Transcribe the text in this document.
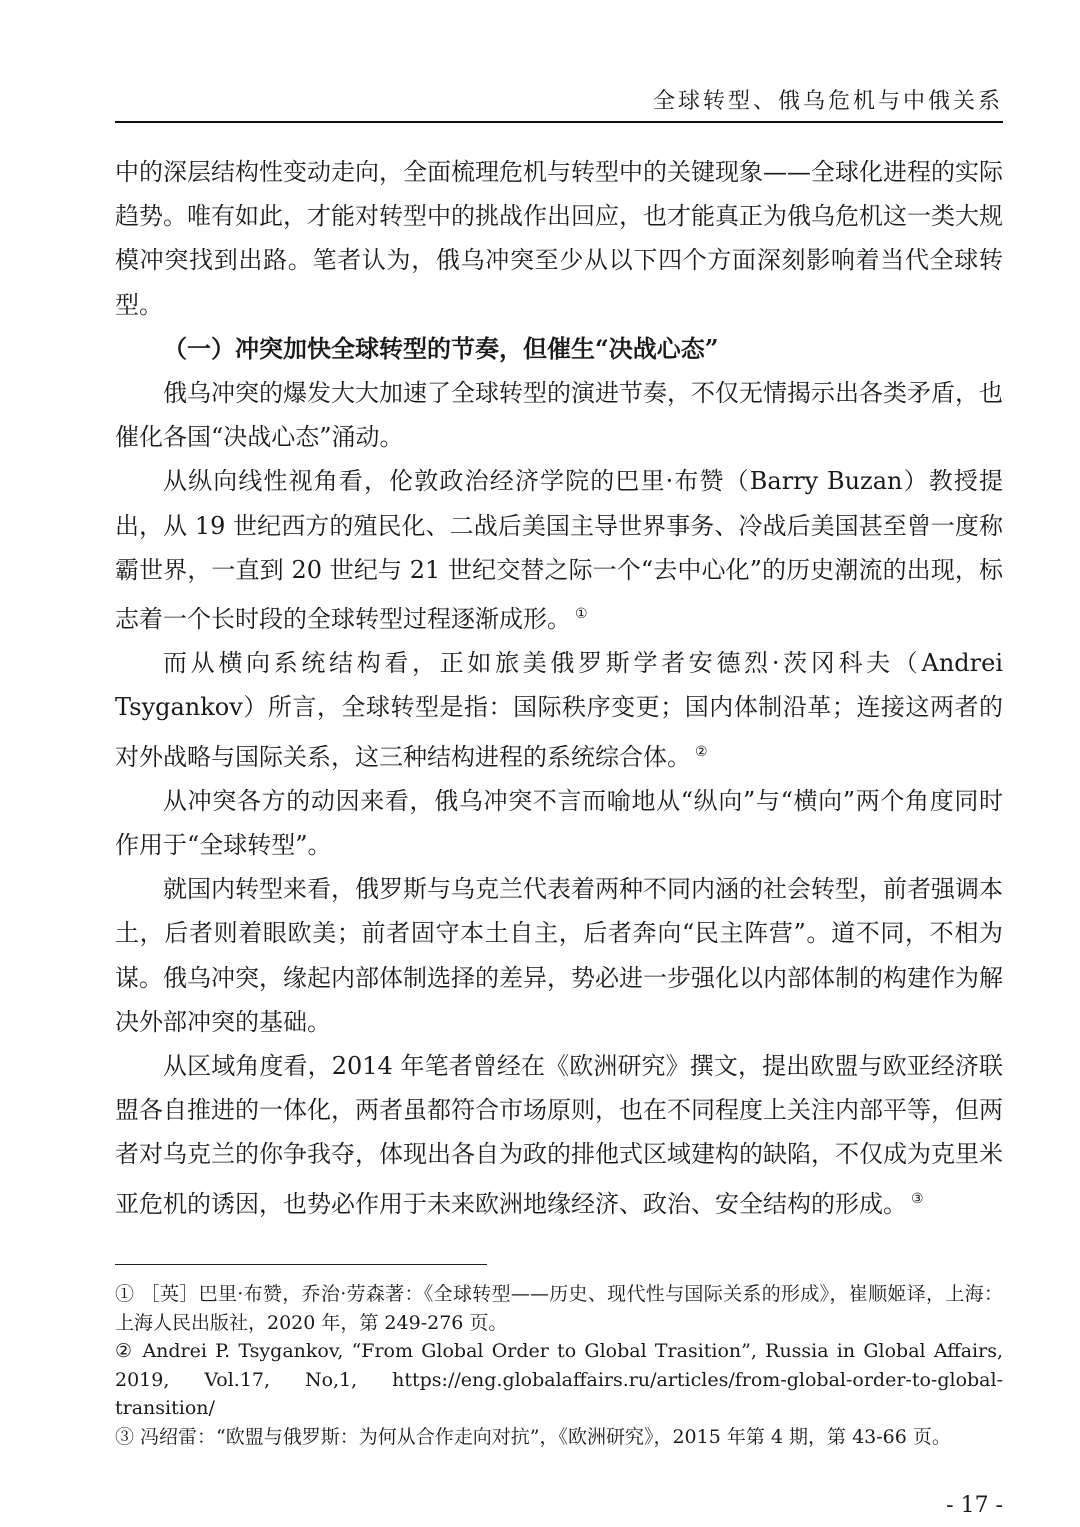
全球转型、俄乌危机与中俄关系

中的深层结构性变动走向，全面梳理危机与转型中的关键现象——全球化进程的实际趋势。唯有如此，才能对转型中的挑战作出回应，也才能真正为俄乌危机这一类大规模冲突找到出路。笔者认为，俄乌冲突至少从以下四个方面深刻影响着当代全球转型。

（一）冲突加快全球转型的节奏，但催生“决战心态”

俄乌冲突的爆发大大加速了全球转型的演进节奏，不仅无情揭示出各类矛盾，也催化各国“决战心态”涌动。

从纵向线性视角看，伦敦政治经济学院的巴里·布赞（Barry Buzan）教授提出，从 19 世纪西方的殖民化、二战后美国主导世界事务、冷战后美国甚至曾一度称霸世界，一直到 20 世纪与 21 世纪交替之际一个“去中心化”的历史潮流的出现，标志着一个长时段的全球转型过程逐渐成形。 ①

而从横向系统结构看，正如旅美俄罗斯学者安德烈·茨冈科夫（Andrei Tsygankov）所言，全球转型是指：国际秩序变更；国内体制沿革；连接这两者的对外战略与国际关系，这三种结构进程的系统综合体。 ②

从冲突各方的动因来看，俄乌冲突不言而喻地从“纵向”与“横向”两个角度同时作用于“全球转型”。

就国内转型来看，俄罗斯与乌克兰代表着两种不同内涵的社会转型，前者强调本土，后者则着眼欧美；前者固守本土自主，后者奔向“民主阵营”。道不同，不相为谋。俄乌冲突，缘起内部体制选择的差异，势必进一步强化以内部体制的构建作为解决外部冲突的基础。

从区域角度看，2014 年笔者曾经在《欧洲研究》撰文，提出欧盟与欧亚经济联盟各自推进的一体化，两者虽都符合市场原则，也在不同程度上关注内部平等，但两者对乌克兰的你争我夺，体现出各自为政的排他式区域建构的缺陷，不仅成为克里米亚危机的诱因，也势必作用于未来欧洲地缘经济、政治、安全结构的形成。 ③

① ［英］巴里·布赞，乔治·劳森著：《全球转型——历史、现代性与国际关系的形成》，崔顺姬译，上海：上海人民出版社，2020 年，第 249-276 页。

② Andrei P. Tsygankov, “From Global Order to Global Trasition”, Russia in Global Affairs, 2019, Vol.17, No,1, https://eng.globalaffairs.ru/articles/from-global-order-to-global-transition/

③ 冯绍雷：“欧盟与俄罗斯：为何从合作走向对抗”，《欧洲研究》，2015 年第 4 期，第 43-66 页。

- 17 -
